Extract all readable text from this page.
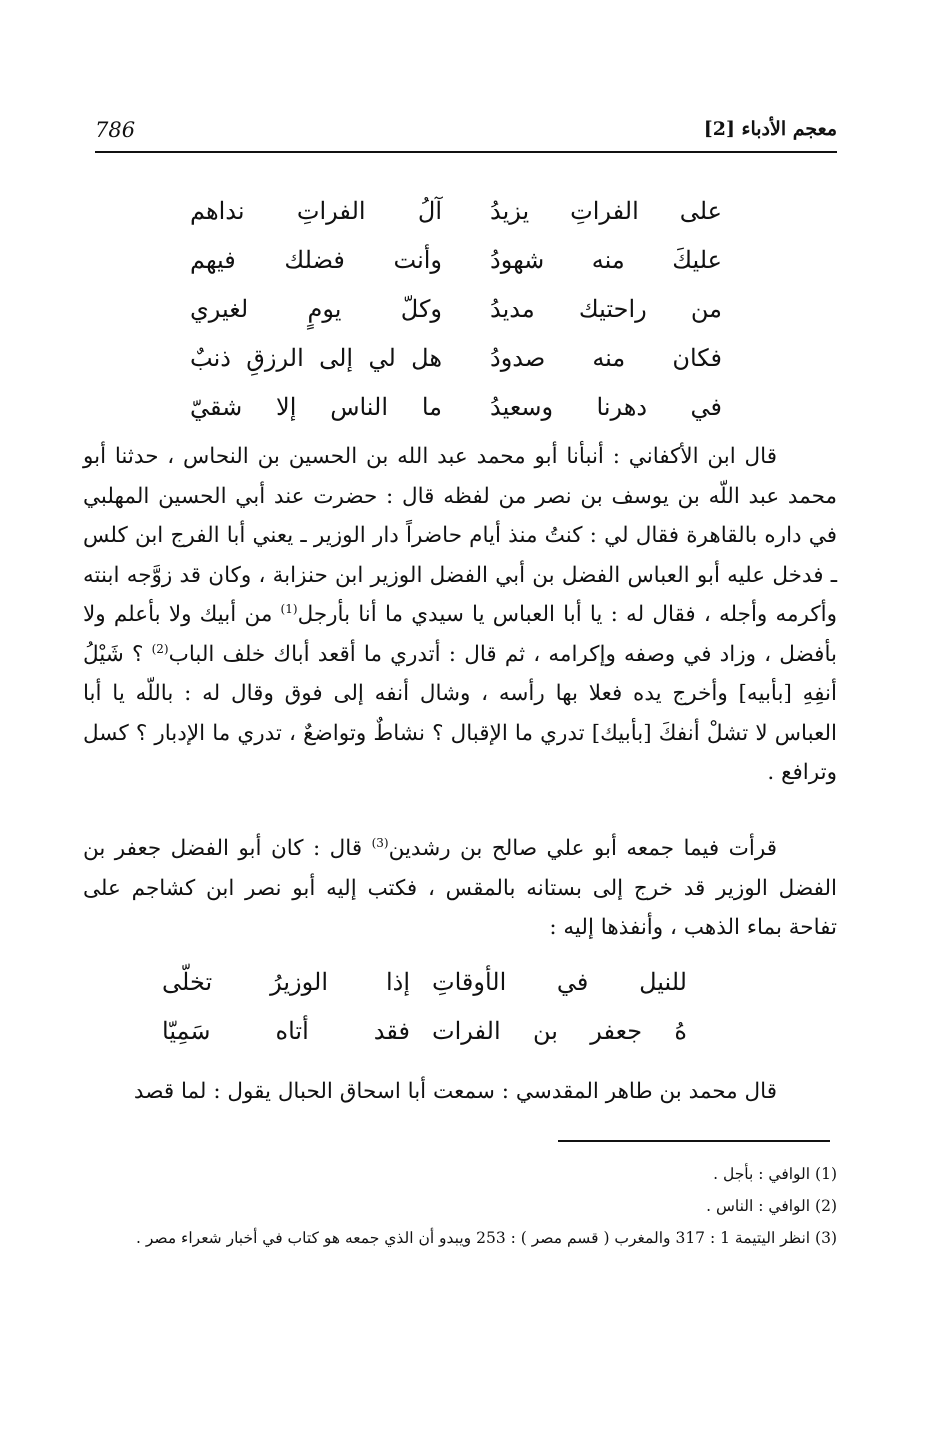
786	معجم الأدباء [2]
آلُ الفراتِ نداهم على الفراتِ يزيدُ
وأنت فضلك فيهم عليكَ منه شهودُ
وكلّ يومٍ لغيري من راحتيك مديدُ
هل لي إلى الرزقِ ذنبٌ فكان منه صدودُ
ما الناس إلا شقيّ في دهرنا وسعيدُ

قال ابن الأكفاني : أنبأنا أبو محمد عبد الله بن الحسين بن النحاس ، حدثنا أبو محمد عبد اللّه بن يوسف بن نصر من لفظه قال : حضرت عند أبي الحسين المهلبي في داره بالقاهرة فقال لي : كنتُ منذ أيام حاضراً دار الوزير ـ يعني أبا الفرج ابن كلس ـ فدخل عليه أبو العباس الفضل بن أبي الفضل الوزير ابن حنزابة ، وكان قد زوَّجه ابنته وأكرمه وأجله ، فقال له : يا أبا العباس يا سيدي ما أنا بأرجل$^{(1)}$ من أبيك ولا بأعلم ولا بأفضل ، وزاد في وصفه وإكرامه ، ثم قال : أتدري ما أقعد أباك خلف الباب$^{(2)}$ ؟ شَيْلُ أنفِهِ [بأبيه] وأخرج يده فعلا بها رأسه ، وشال أنفه إلى فوق وقال له : باللّه يا أبا العباس لا تشلْ أنفكَ [بأبيك] تدري ما الإقبال ؟ نشاطٌ وتواضعٌ ، تدري ما الإدبار ؟ كسل وترافع .

قرأت فيما جمعه أبو علي صالح بن رشدين$^{(3)}$ قال : كان أبو الفضل جعفر بن الفضل الوزير قد خرج إلى بستانه بالمقس ، فكتب إليه أبو نصر ابن كشاجم على تفاحة بماء الذهب ، وأنفذها إليه :

إذا الوزيرُ تخلّى للنيل في الأوقاتِ
فقد أتاه سَمِيّا هُ جعفر بن الفرات

قال محمد بن طاهر المقدسي : سمعت أبا اسحاق الحبال يقول : لما قصد

(1) الوافي : بأجل .

(2) الوافي : الناس .

(3) انظر اليتيمة 1 : 317 والمغرب ( قسم مصر ) : 253 ويبدو أن الذي جمعه هو كتاب في أخبار شعراء مصر .
